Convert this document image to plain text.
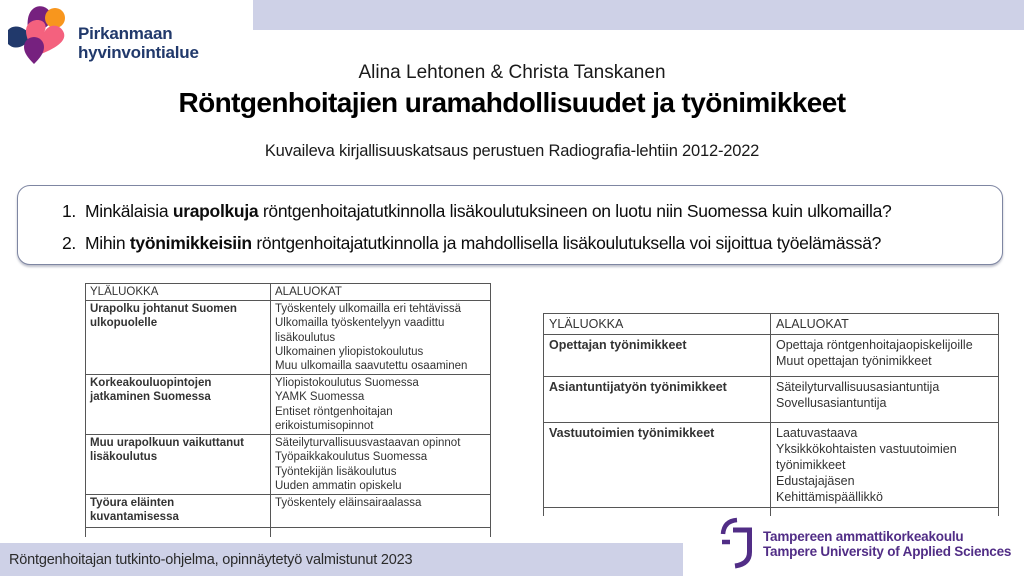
Pirkanmaan
hyvinvointialue
Alina Lehtonen & Christa Tanskanen
Röntgenhoitajien uramahdollisuudet ja työnimikkeet
Kuvaileva kirjallisuuskatsaus perustuen Radiografia-lehtiin 2012-2022
1. Minkälaisia urapolkuja röntgenhoitajatutkinnolla lisäkoulutuksineen on luotu niin Suomessa kuin ulkomailla?
2. Mihin työnimikkeisiin röntgenhoitajatutkinnolla ja mahdollisella lisäkoulutuksella voi sijoittua työelämässä?
YLÄLUOKKA	ALALUOKAT
Urapolku johtanut Suomen ulkopuolelle	Työskentely ulkomailla eri tehtävissä
Ulkomailla työskentelyyn vaadittu lisäkoulutus
Ulkomainen yliopistokoulutus
Muu ulkomailla saavutettu osaaminen

Korkeakouluopintojen jatkaminen Suomessa	Yliopistokoulutus Suomessa
YAMK Suomessa
Entiset röntgenhoitajan erikoistumisopinnot

Muu urapolkuun vaikuttanut lisäkoulutus	Säteilyturvallisuusvastaavan opinnot
Työpaikkakoulutus Suomessa
Työntekijän lisäkoulutus
Uuden ammatin opiskelu

Työura eläinten kuvantamisessa	Työskentely eläinsairaalassa

YLÄLUOKKA	ALALUOKAT
Opettajan työnimikkeet	Opettaja röntgenhoitajaopiskelijoille
Muut opettajan työnimikkeet

Asiantuntijatyön työnimikkeet	Säteilyturvallisuusasiantuntija
Sovellusasiantuntija

Vastuutoimien työnimikkeet	Laatuvastaava
Yksikkökohtaisten vastuutoimien työnimikkeet
Edustajajäsen
Kehittämispäällikkö

Röntgenhoitajan tutkinto-ohjelma, opinnäytetyö valmistunut 2023
Tampereen ammattikorkeakoulu
Tampere University of Applied Sciences
